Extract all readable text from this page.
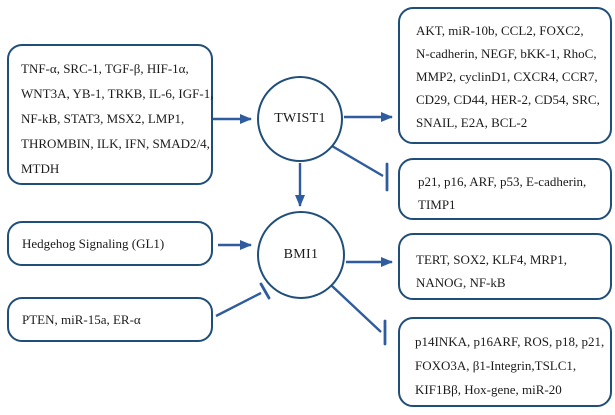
TNF-α, SRC-1, TGF-β, HIF-1α,
WNT3A, YB-1, TRKB, IL-6, IGF-1,
NF-kB, STAT3, MSX2, LMP1,
THROMBIN, ILK, IFN, SMAD2/4,
MTDH
Hedgehog Signaling (GL1)
PTEN, miR-15a, ER-α
AKT, miR-10b, CCL2, FOXC2,
N-cadherin, NEGF, bKK-1, RhoC,
MMP2, cyclinD1, CXCR4, CCR7,
CD29, CD44, HER-2, CD54, SRC,
SNAIL, E2A, BCL-2
p21, p16, ARF, p53, E-cadherin,
TIMP1
TERT, SOX2, KLF4, MRP1,
NANOG, NF-kB
p14INKA, p16ARF, ROS, p18, p21,
FOXO3A, β1-Integrin,TSLC1,
KIF1Bβ, Hox-gene, miR-20
TWIST1
BMI1
